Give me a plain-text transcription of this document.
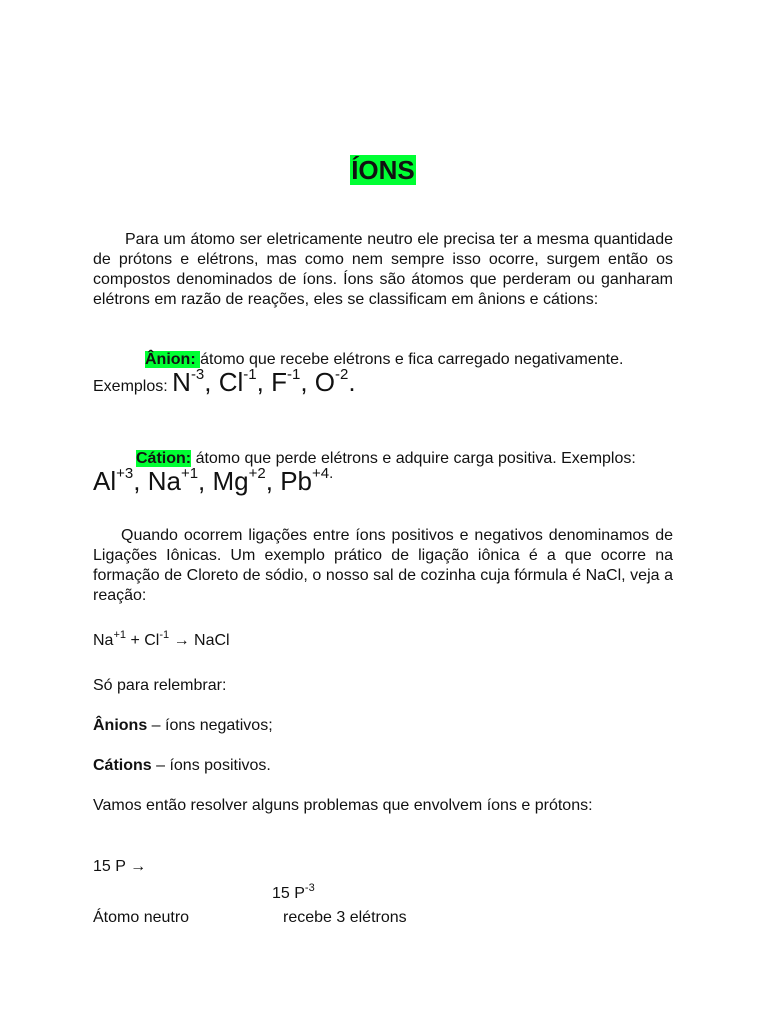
ÍONS

Para um átomo ser eletricamente neutro ele precisa ter a mesma quantidade de prótons e elétrons, mas como nem sempre isso ocorre, surgem então os compostos denominados de íons. Íons são átomos que perderam ou ganharam elétrons em razão de reações, eles se classificam em ânions e cátions:

Ânion: átomo que recebe elétrons e fica carregado negativamente.
Exemplos: $N^{-3}$, $Cl^{-1}$, $F^{-1}$, $O^{-2}$.
Cátion: átomo que perde elétrons e adquire carga positiva. Exemplos:
$Al^{+3}$, $Na^{+1}$, $Mg^{+2}$, $Pb^{+4.}$

Quando ocorrem ligações entre íons positivos e negativos denominamos de Ligações Iônicas. Um exemplo prático de ligação iônica é a que ocorre na formação de Cloreto de sódio, o nosso sal de cozinha cuja fórmula é NaCl, veja a reação:

$Na^{+1} + Cl^{-1}$ → NaCl
Só para relembrar:
Ânions – íons negativos;
Cátions – íons positivos.
Vamos então resolver alguns problemas que envolvem íons e prótons:
15 P →
15 $P^{-3}$
Átomo neutro	recebe 3 elétrons
